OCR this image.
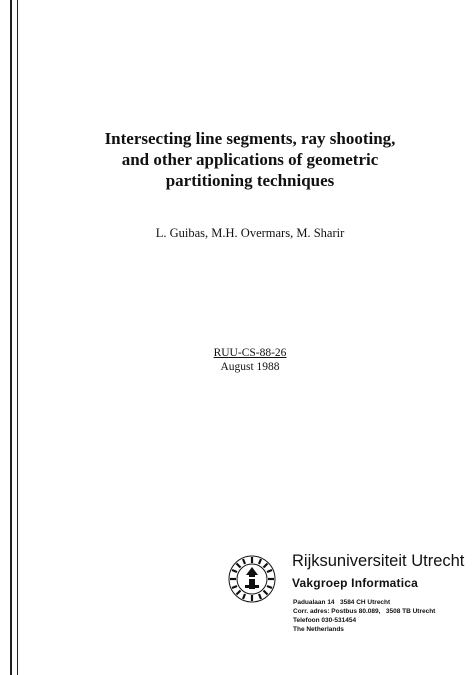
Intersecting line segments, ray shooting,
and other applications of geometric
partitioning techniques
L. Guibas, M.H. Overmars, M. Sharir
RUU-CS-88-26
August 1988
Rijksuniversiteit Utrecht
Vakgroep Informatica
Padualaan 14   3584 CH Utrecht
Corr. adres: Postbus 80.089,   3508 TB Utrecht
Telefoon 030-531454
The Netherlands
